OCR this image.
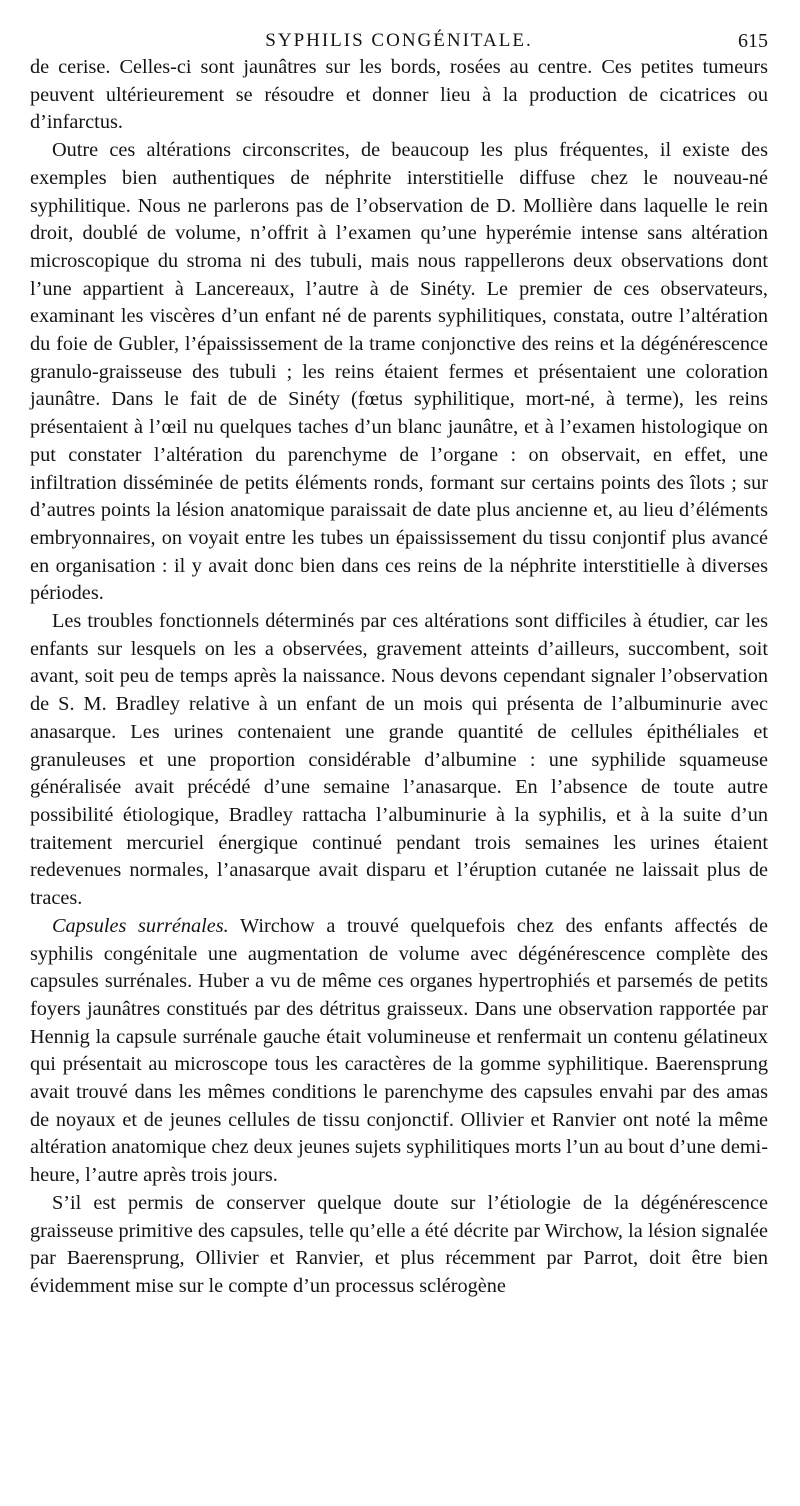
SYPHILIS CONGÉNITALE.	615

de cerise. Celles-ci sont jaunâtres sur les bords, rosées au centre. Ces petites tumeurs peuvent ultérieurement se résoudre et donner lieu à la production de cicatrices ou d’infarctus.

Outre ces altérations circonscrites, de beaucoup les plus fréquentes, il existe des exemples bien authentiques de néphrite interstitielle diffuse chez le nouveau-né syphilitique. Nous ne parlerons pas de l’observation de D. Mollière dans laquelle le rein droit, doublé de volume, n’offrit à l’examen qu’une hyperémie intense sans altération microscopique du stroma ni des tubuli, mais nous rappellerons deux observations dont l’une appartient à Lancereaux, l’autre à de Sinéty. Le premier de ces observateurs, examinant les viscères d’un enfant né de parents syphilitiques, constata, outre l’altération du foie de Gubler, l’épaississement de la trame conjonctive des reins et la dégénérescence granulo-graisseuse des tubuli ; les reins étaient fermes et présentaient une coloration jaunâtre. Dans le fait de de Sinéty (fœtus syphilitique, mort-né, à terme), les reins présentaient à l’œil nu quelques taches d’un blanc jaunâtre, et à l’examen histologique on put constater l’altération du parenchyme de l’organe : on observait, en effet, une infiltration disséminée de petits éléments ronds, formant sur certains points des îlots ; sur d’autres points la lésion anatomique paraissait de date plus ancienne et, au lieu d’éléments embryonnaires, on voyait entre les tubes un épaississement du tissu conjontif plus avancé en organisation : il y avait donc bien dans ces reins de la néphrite interstitielle à diverses périodes.

Les troubles fonctionnels déterminés par ces altérations sont difficiles à étudier, car les enfants sur lesquels on les a observées, gravement atteints d’ailleurs, succombent, soit avant, soit peu de temps après la naissance. Nous devons cependant signaler l’observation de S. M. Bradley relative à un enfant de un mois qui présenta de l’albuminurie avec anasarque. Les urines contenaient une grande quantité de cellules épithéliales et granuleuses et une proportion considérable d’albumine : une syphilide squameuse généralisée avait précédé d’une semaine l’anasarque. En l’absence de toute autre possibilité étiologique, Bradley rattacha l’albuminurie à la syphilis, et à la suite d’un traitement mercuriel énergique continué pendant trois semaines les urines étaient redevenues normales, l’anasarque avait disparu et l’éruption cutanée ne laissait plus de traces.

Capsules surrénales. Wirchow a trouvé quelquefois chez des enfants affectés de syphilis congénitale une augmentation de volume avec dégénérescence complète des capsules surrénales. Huber a vu de même ces organes hypertrophiés et parsemés de petits foyers jaunâtres constitués par des détritus graisseux. Dans une observation rapportée par Hennig la capsule surrénale gauche était volumineuse et renfermait un contenu gélatineux qui présentait au microscope tous les caractères de la gomme syphilitique. Baerensprung avait trouvé dans les mêmes conditions le parenchyme des capsules envahi par des amas de noyaux et de jeunes cellules de tissu conjonctif. Ollivier et Ranvier ont noté la même altération anatomique chez deux jeunes sujets syphilitiques morts l’un au bout d’une demi-heure, l’autre après trois jours.

S’il est permis de conserver quelque doute sur l’étiologie de la dégénérescence graisseuse primitive des capsules, telle qu’elle a été décrite par Wirchow, la lésion signalée par Baerensprung, Ollivier et Ranvier, et plus récemment par Parrot, doit être bien évidemment mise sur le compte d’un processus sclérogène
